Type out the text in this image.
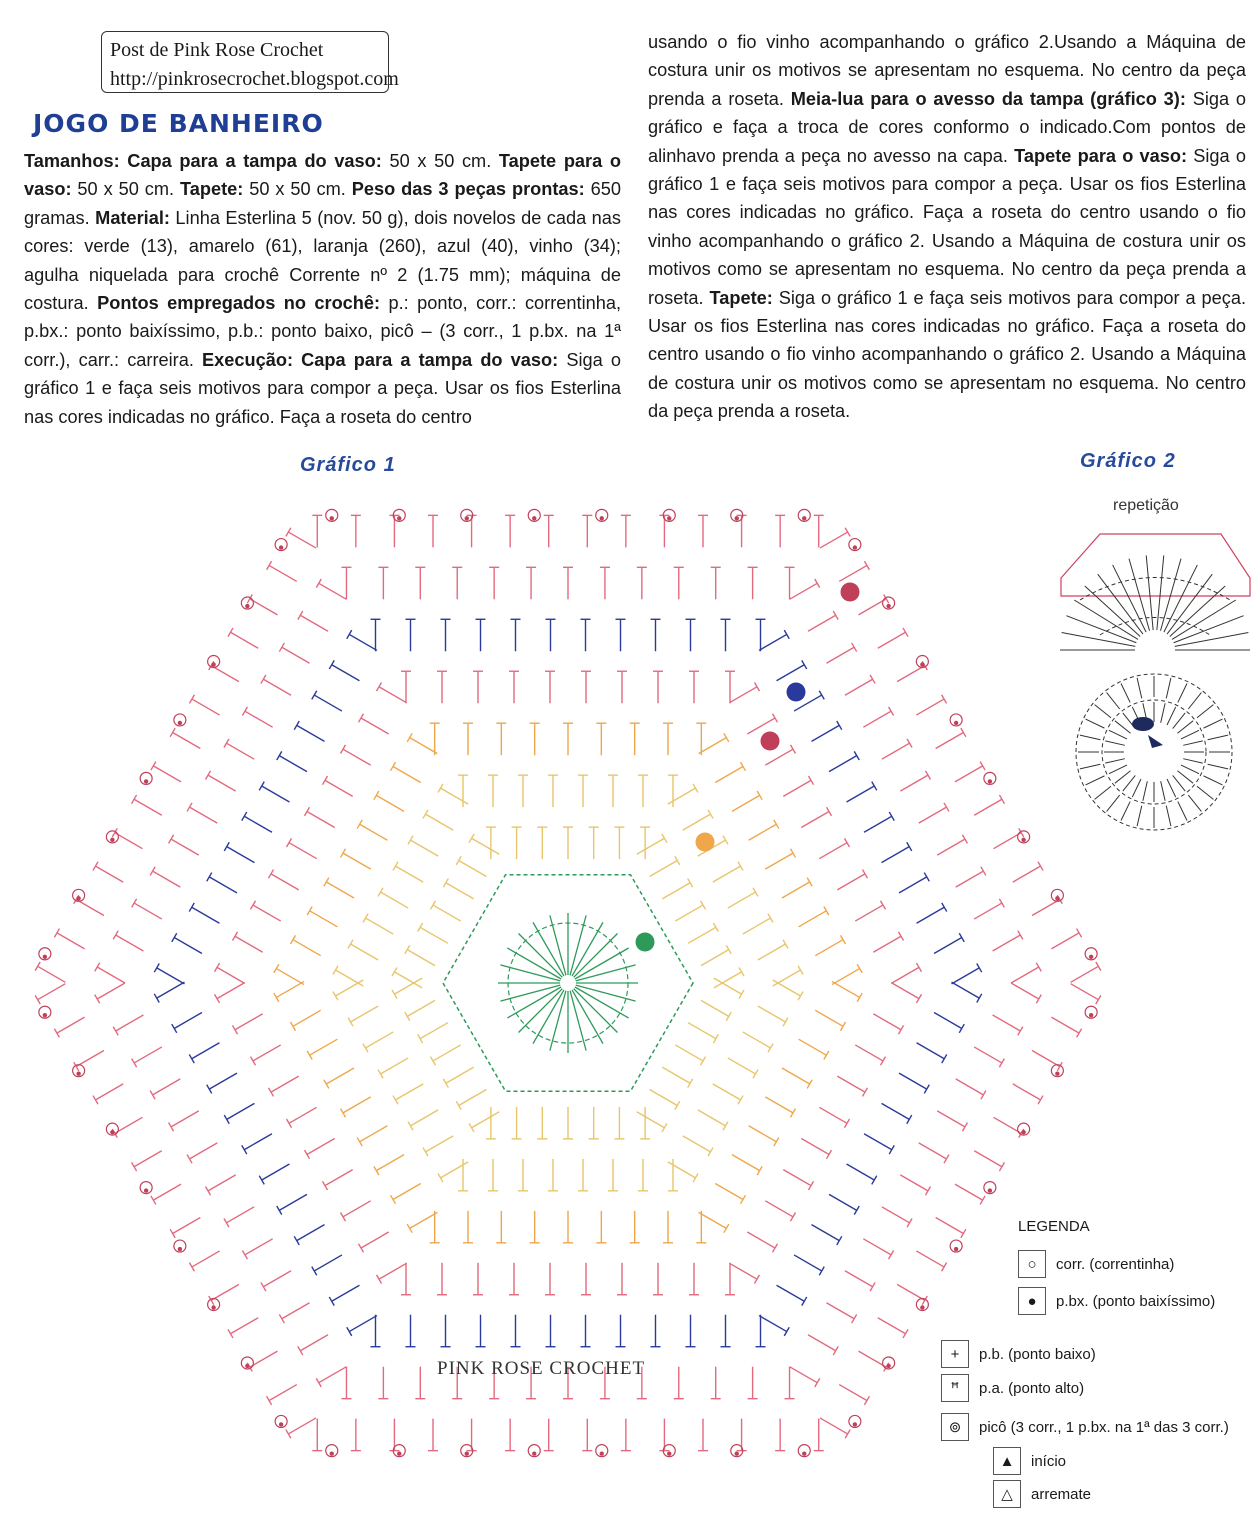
Post de Pink Rose Crochet
http://pinkrosecrochet.blogspot.com
JOGO DE BANHEIRO
Tamanhos: Capa para a tampa do vaso: 50 x 50 cm. Tapete para o vaso: 50 x 50 cm. Tapete: 50 x 50 cm. Peso das 3 peças prontas: 650 gramas. Material: Linha Esterlina 5 (nov. 50 g), dois novelos de cada nas cores: verde (13), amarelo (61), laranja (260), azul (40), vinho (34); agulha niquelada para crochê Corrente nº 2 (1.75 mm); máquina de costura. Pontos empregados no crochê: p.: ponto, corr.: correntinha, p.bx.: ponto baixíssimo, p.b.: ponto baixo, picô – (3 corr., 1 p.bx. na 1ª corr.), carr.: carreira. Execução: Capa para a tampa do vaso: Siga o gráfico 1 e faça seis motivos para compor a peça. Usar os fios Esterlina nas cores indicadas no gráfico. Faça a roseta do centro
usando o fio vinho acompanhando o gráfico 2.Usando a Máquina de costura unir os motivos se apresentam no esquema. No centro da peça prenda a roseta. Meia-lua para o avesso da tampa (gráfico 3): Siga o gráfico e faça a troca de cores conformo o indicado.Com pontos de alinhavo prenda a peça no avesso na capa. Tapete para o vaso: Siga o gráfico 1 e faça seis motivos para compor a peça. Usar os fios Esterlina nas cores indicadas no gráfico. Faça a roseta do centro usando o fio vinho acompanhando o gráfico 2. Usando a Máquina de costura unir os motivos como se apresentam no esquema. No centro da peça prenda a roseta. Tapete: Siga o gráfico 1 e faça seis motivos para compor a peça. Usar os fios Esterlina nas cores indicadas no gráfico. Faça a roseta do centro usando o fio vinho acompanhando o gráfico 2. Usando a Máquina de costura unir os motivos como se apresentam no esquema. No centro da peça prenda a roseta.
Gráfico 1	Gráfico 2
repetição
PINK ROSE CROCHET
LEGENDA
○	corr. (correntinha)
●	p.bx. (ponto baixíssimo)
+	p.b. (ponto baixo)
ꟸ	p.a. (ponto alto)
⊚	picô (3 corr., 1 p.bx. na 1ª das 3 corr.)
▲	início
△	arremate
